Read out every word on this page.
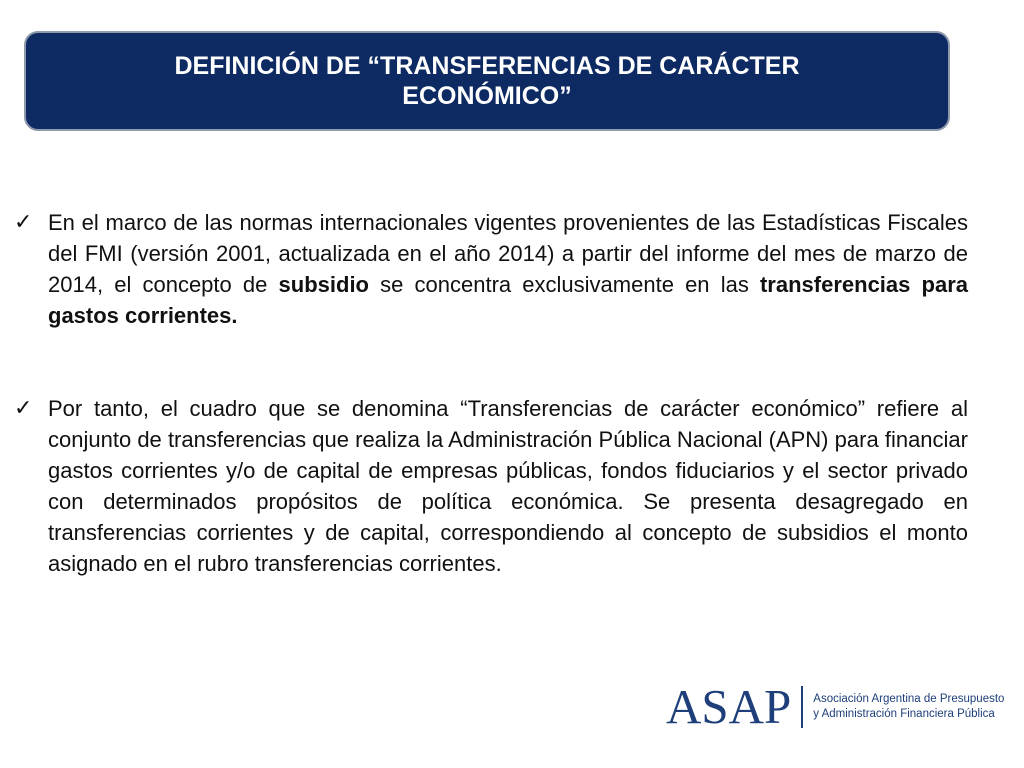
DEFINICIÓN DE “TRANSFERENCIAS DE CARÁCTER ECONÓMICO”
✓ En el marco de las normas internacionales vigentes provenientes de las Estadísticas Fiscales del FMI (versión 2001, actualizada en el año 2014) a partir del informe del mes de marzo de 2014, el concepto de subsidio se concentra exclusivamente en las transferencias para gastos corrientes.
✓ Por tanto, el cuadro que se denomina “Transferencias de carácter económico” refiere al conjunto de transferencias que realiza la Administración Pública Nacional (APN) para financiar gastos corrientes y/o de capital de empresas públicas, fondos fiduciarios y el sector privado con determinados propósitos de política económica. Se presenta desagregado en transferencias corrientes y de capital, correspondiendo al concepto de subsidios el monto asignado en el rubro transferencias corrientes.
ASAP Asociación Argentina de Presupuesto
y Administración Financiera Pública
